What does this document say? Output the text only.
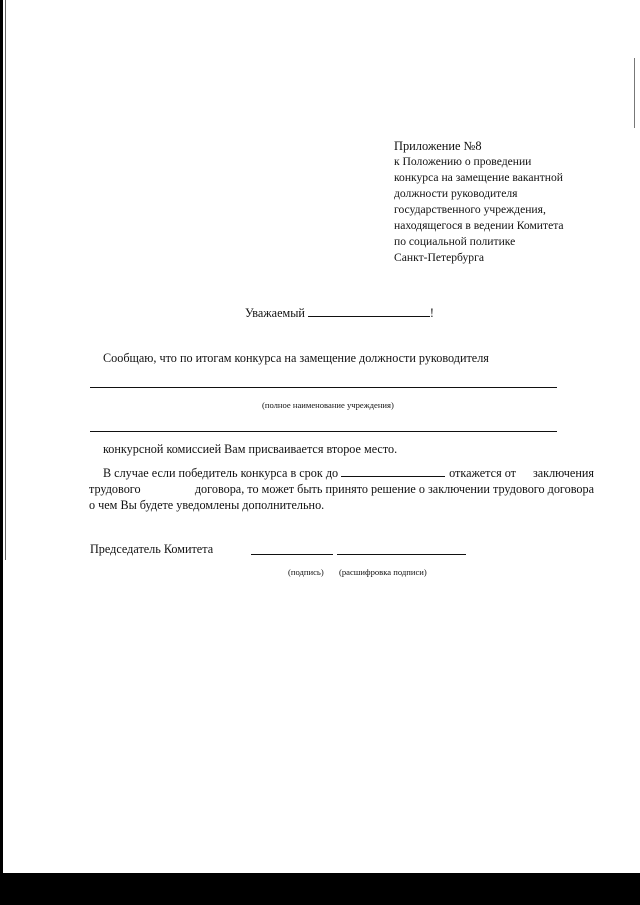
Приложение №8
к Положению о проведении
конкурса на замещение вакантной
должности руководителя
государственного учреждения,
находящегося в ведении Комитета
по социальной политике
Санкт-Петербурга
Уважаемый	!
Сообщаю, что по итогам конкурса на замещение должности руководителя
(полное наименование учреждения)
конкурсной комиссией Вам присваивается второе место.
В случае если победитель конкурса в срок до	откажется от заключения
трудового	договора, то может быть принято решение о заключении трудового договора
о чем Вы будете уведомлены дополнительно.
Председатель Комитета
(подпись) (расшифровка подписи)
